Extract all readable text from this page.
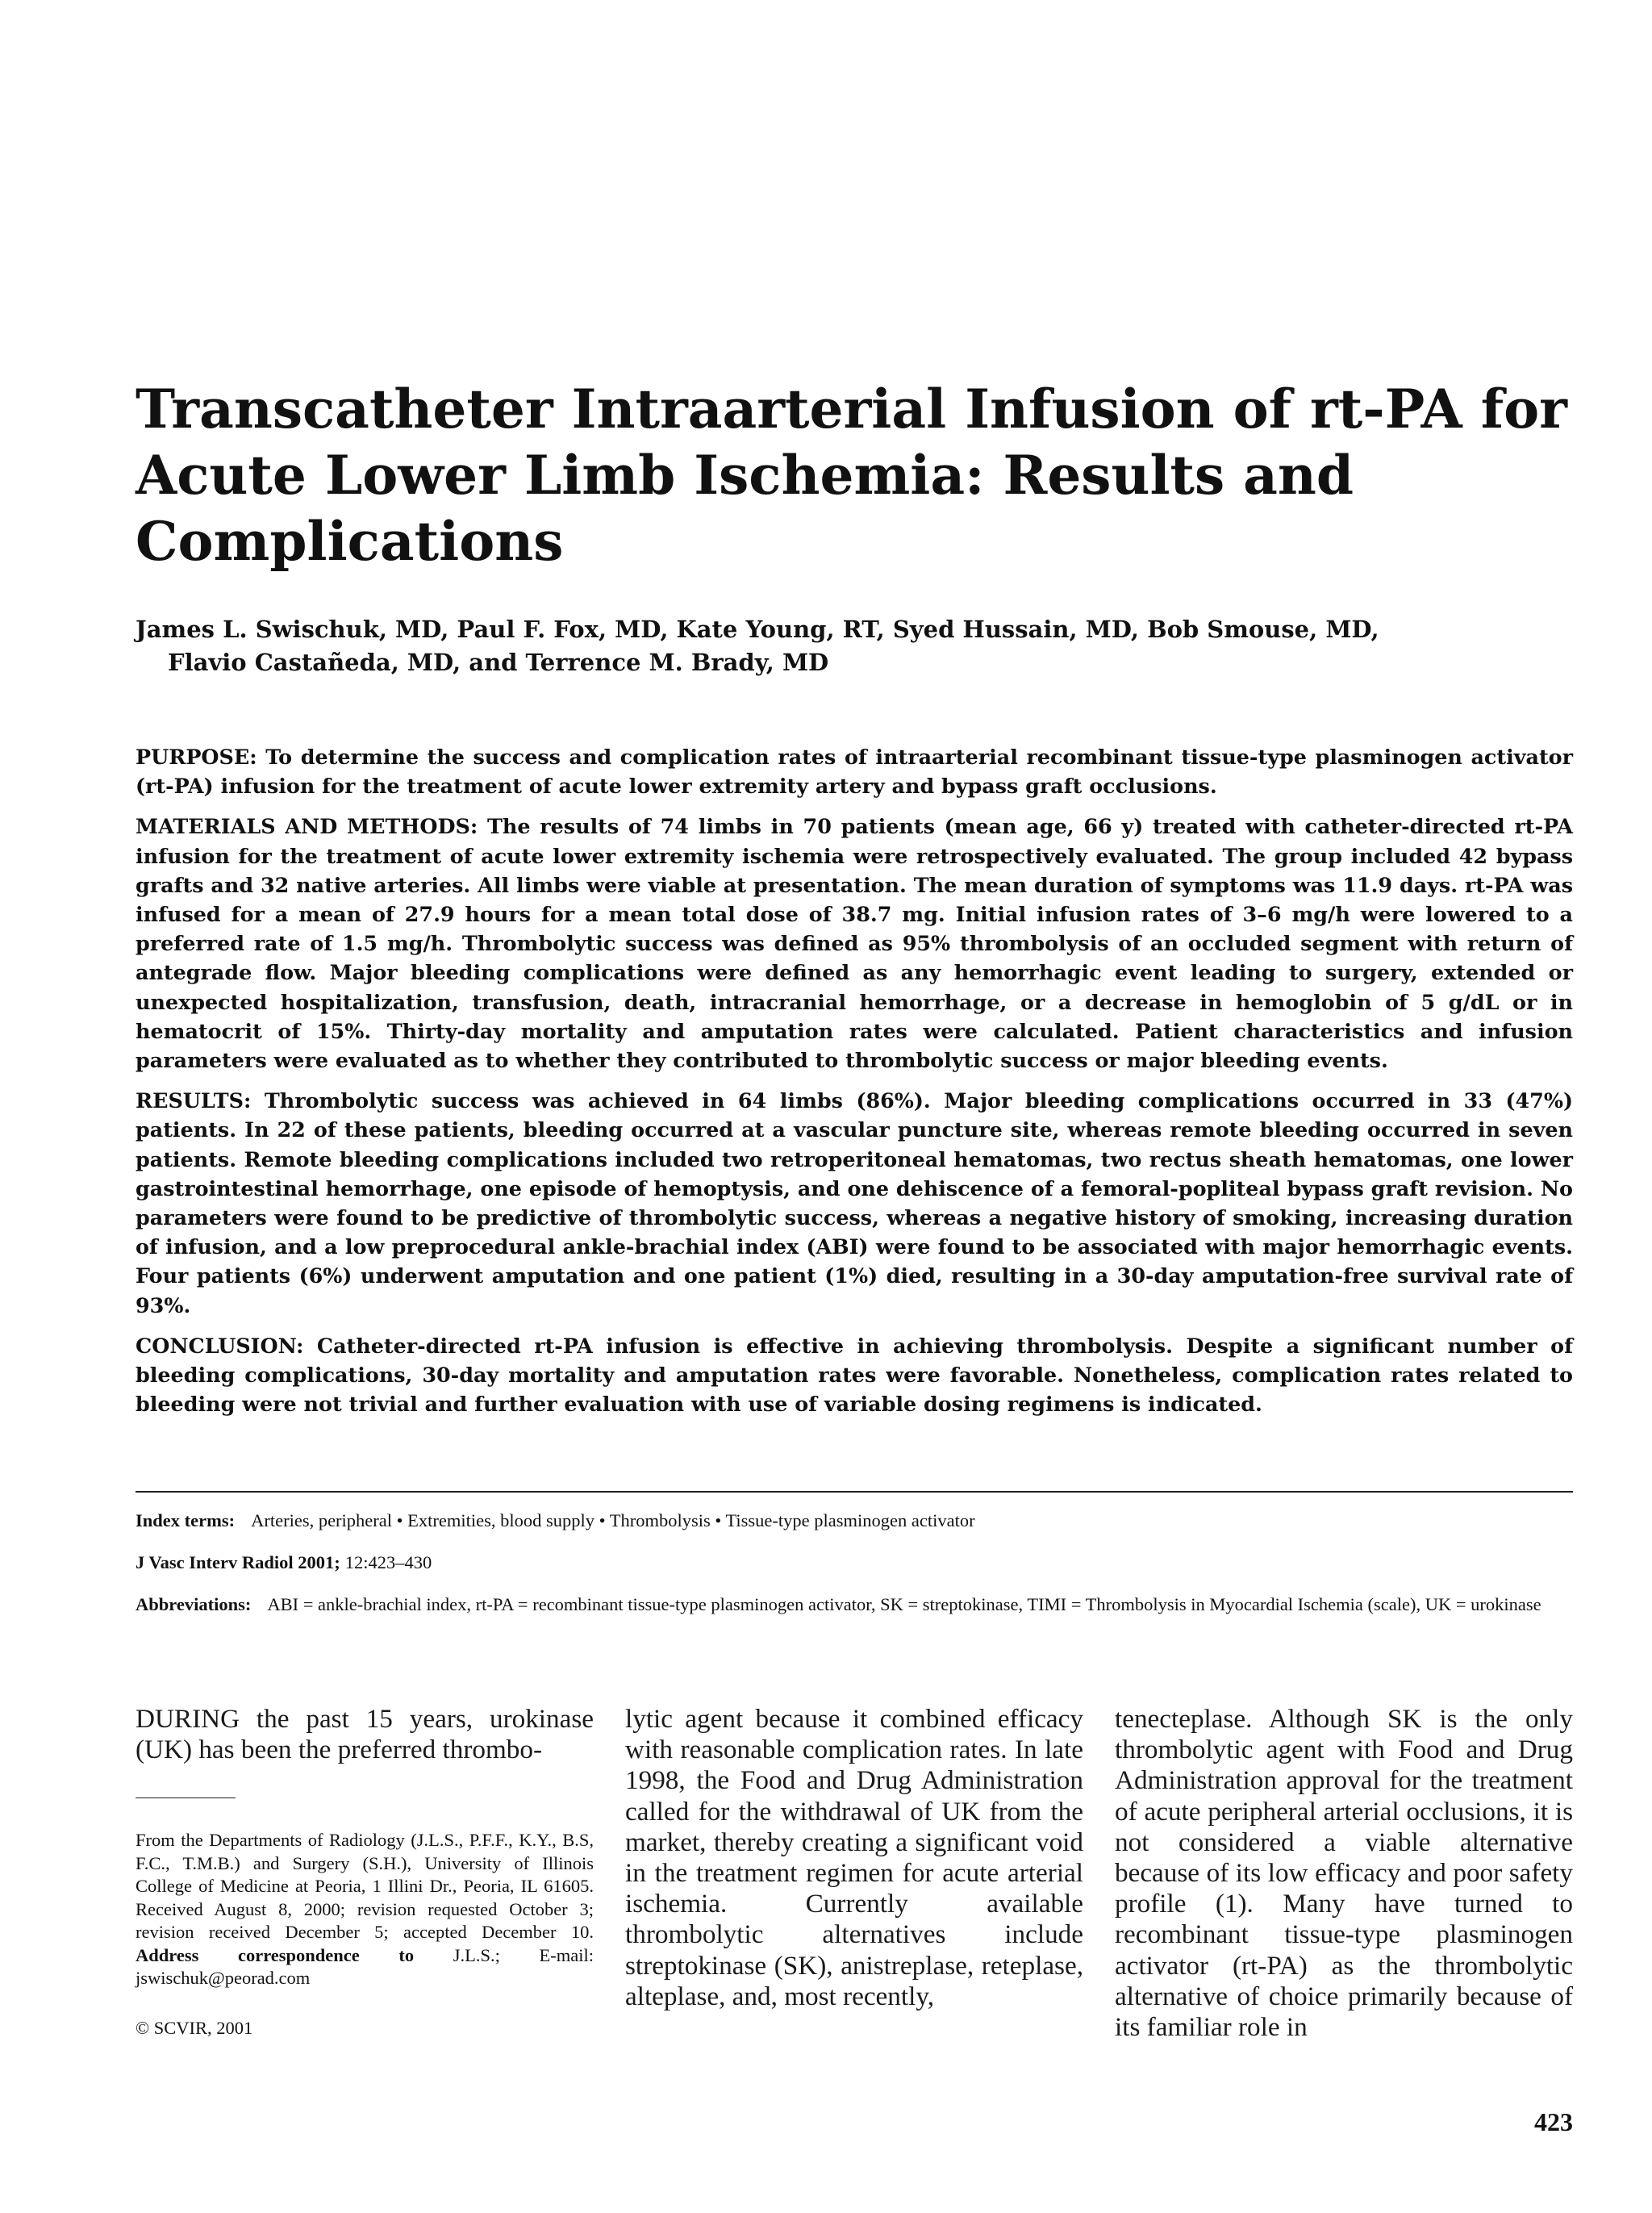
Transcatheter Intraarterial Infusion of rt-PA for
Acute Lower Limb Ischemia: Results and
Complications
James L. Swischuk, MD, Paul F. Fox, MD, Kate Young, RT, Syed Hussain, MD, Bob Smouse, MD,
Flavio Castañeda, MD, and Terrence M. Brady, MD

PURPOSE: To determine the success and complication rates of intraarterial recombinant tissue-type plasminogen activator (rt-PA) infusion for the treatment of acute lower extremity artery and bypass graft occlusions.

MATERIALS AND METHODS: The results of 74 limbs in 70 patients (mean age, 66 y) treated with catheter-directed rt-PA infusion for the treatment of acute lower extremity ischemia were retrospectively evaluated. The group included 42 bypass grafts and 32 native arteries. All limbs were viable at presentation. The mean duration of symptoms was 11.9 days. rt-PA was infused for a mean of 27.9 hours for a mean total dose of 38.7 mg. Initial infusion rates of 3–6 mg/h were lowered to a preferred rate of 1.5 mg/h. Thrombolytic success was defined as 95% thrombolysis of an occluded segment with return of antegrade flow. Major bleeding complications were defined as any hemorrhagic event leading to surgery, extended or unexpected hospitalization, transfusion, death, intracranial hemorrhage, or a decrease in hemoglobin of 5 g/dL or in hematocrit of 15%. Thirty-day mortality and amputation rates were calculated. Patient characteristics and infusion parameters were evaluated as to whether they contributed to thrombolytic success or major bleeding events.

RESULTS: Thrombolytic success was achieved in 64 limbs (86%). Major bleeding complications occurred in 33 (47%) patients. In 22 of these patients, bleeding occurred at a vascular puncture site, whereas remote bleeding occurred in seven patients. Remote bleeding complications included two retroperitoneal hematomas, two rectus sheath hematomas, one lower gastrointestinal hemorrhage, one episode of hemoptysis, and one dehiscence of a femoral-popliteal bypass graft revision. No parameters were found to be predictive of thrombolytic success, whereas a negative history of smoking, increasing duration of infusion, and a low preprocedural ankle-brachial index (ABI) were found to be associated with major hemorrhagic events. Four patients (6%) underwent amputation and one patient (1%) died, resulting in a 30-day amputation-free survival rate of 93%.

CONCLUSION: Catheter-directed rt-PA infusion is effective in achieving thrombolysis. Despite a significant number of bleeding complications, 30-day mortality and amputation rates were favorable. Nonetheless, complication rates related to bleeding were not trivial and further evaluation with use of variable dosing regimens is indicated.

Index terms: Arteries, peripheral • Extremities, blood supply • Thrombolysis • Tissue-type plasminogen activator
J Vasc Interv Radiol 2001; 12:423–430
Abbreviations: ABI = ankle-brachial index, rt-PA = recombinant tissue-type plasminogen activator, SK = streptokinase, TIMI = Thrombolysis in Myocardial Ischemia (scale), UK = urokinase

DURING the past 15 years, urokinase (UK) has been the preferred thrombo-

From the Departments of Radiology (J.L.S., P.F.F., K.Y., B.S, F.C., T.M.B.) and Surgery (S.H.), University of Illinois College of Medicine at Peoria, 1 Illini Dr., Peoria, IL 61605. Received August 8, 2000; revision requested October 3; revision received December 5; accepted December 10. Address correspondence to J.L.S.; E-mail: jswischuk@peorad.com

© SCVIR, 2001

lytic agent because it combined efficacy with reasonable complication rates. In late 1998, the Food and Drug Administration called for the withdrawal of UK from the market, thereby creating a significant void in the treatment regimen for acute arterial ischemia. Currently available thrombolytic alternatives include streptokinase (SK), anistreplase, reteplase, alteplase, and, most recently,

tenecteplase. Although SK is the only thrombolytic agent with Food and Drug Administration approval for the treatment of acute peripheral arterial occlusions, it is not considered a viable alternative because of its low efficacy and poor safety profile (1). Many have turned to recombinant tissue-type plasminogen activator (rt-PA) as the thrombolytic alternative of choice primarily because of its familiar role in

423
